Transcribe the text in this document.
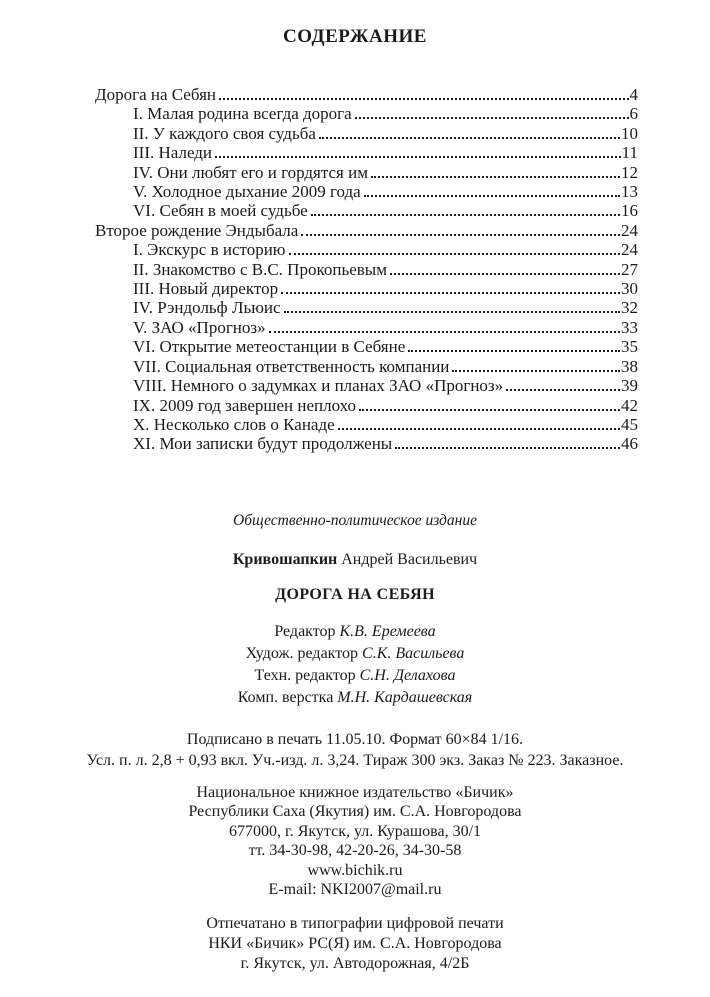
СОДЕРЖАНИЕ
Дорога на Себян	4
I. Малая родина всегда дорога	6
II. У каждого своя судьба	10
III. Наледи	11
IV. Они любят его и гордятся им	12
V. Холодное дыхание 2009 года	13
VI. Себян в моей судьбе	16
Второе рождение Эндыбала	24
I. Экскурс в историю	24
II. Знакомство с В.С. Прокопьевым	27
III. Новый директор	30
IV. Рэндольф Льюис	32
V. ЗАО «Прогноз»	33
VI. Открытие метеостанции в Себяне	35
VII. Социальная ответственность компании	38
VIII. Немного о задумках и планах ЗАО «Прогноз»	39
IX. 2009 год завершен неплохо	42
X. Несколько слов о Канаде	45
XI. Мои записки будут продолжены	46

Общественно-политическое издание

Кривошапкин Андрей Васильевич

ДОРОГА НА СЕБЯН

Редактор К.В. Еремеева

Худож. редактор С.К. Васильева

Техн. редактор С.Н. Делахова

Комп. верстка М.Н. Кардашевская

Подписано в печать 11.05.10. Формат 60×84 1/16.

Усл. п. л. 2,8 + 0,93 вкл. Уч.-изд. л. 3,24. Тираж 300 экз. Заказ № 223. Заказное.

Национальное книжное издательство «Бичик»

Республики Саха (Якутия) им. С.А. Новгородова

677000, г. Якутск, ул. Курашова, 30/1

тт. 34-30-98, 42-20-26, 34-30-58

www.bichik.ru

E-mail: NKI2007@mail.ru

Отпечатано в типографии цифровой печати

НКИ «Бичик» РС(Я) им. С.А. Новгородова

г. Якутск, ул. Автодорожная, 4/2Б
